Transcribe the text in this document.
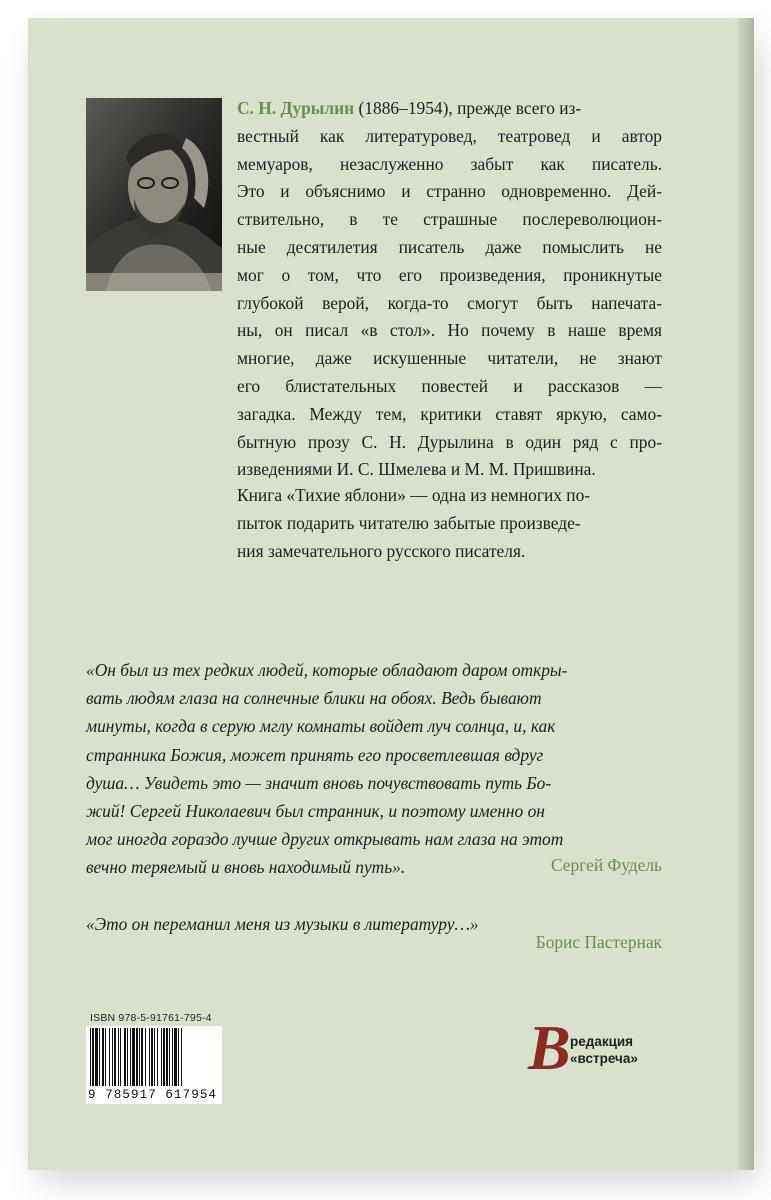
С. Н. Дурылин (1886–1954), прежде всего из-
вестный как литературовед, театровед и автор
мемуаров, незаслуженно забыт как писатель.
Это и объяснимо и странно одновременно. Дей-
ствительно, в те страшные послереволюцион-
ные десятилетия писатель даже помыслить не
мог о том, что его произведения, проникнутые
глубокой верой, когда-то смогут быть напечата-
ны, он писал «в стол». Но почему в наше время
многие, даже искушенные читатели, не знают
его блистательных повестей и рассказов —
загадка. Между тем, критики ставят яркую, само-
бытную прозу С. Н. Дурылина в один ряд с про-
изведениями И. С. Шмелева и М. М. Пришвина.
Книга «Тихие яблони» — одна из немногих по-
пыток подарить читателю забытые произведе-
ния замечательного русского писателя.
«Он был из тех редких людей, которые обладают даром откры-
вать людям глаза на солнечные блики на обоях. Ведь бывают
минуты, когда в серую мглу комнаты войдет луч солнца, и, как
странника Божия, может принять его просветлевшая вдруг
душа… Увидеть это — значит вновь почувствовать путь Бо-
жий! Сергей Николаевич был странник, и поэтому именно он
мог иногда гораздо лучше других открывать нам глаза на этот
вечно теряемый и вновь находимый путь».	Сергей Фудель
«Это он переманил меня из музыки в литературу…»
Борис Пастернак
ISBN 978-5-91761-795-4
9 785917 617954
В редакция
«встреча»
